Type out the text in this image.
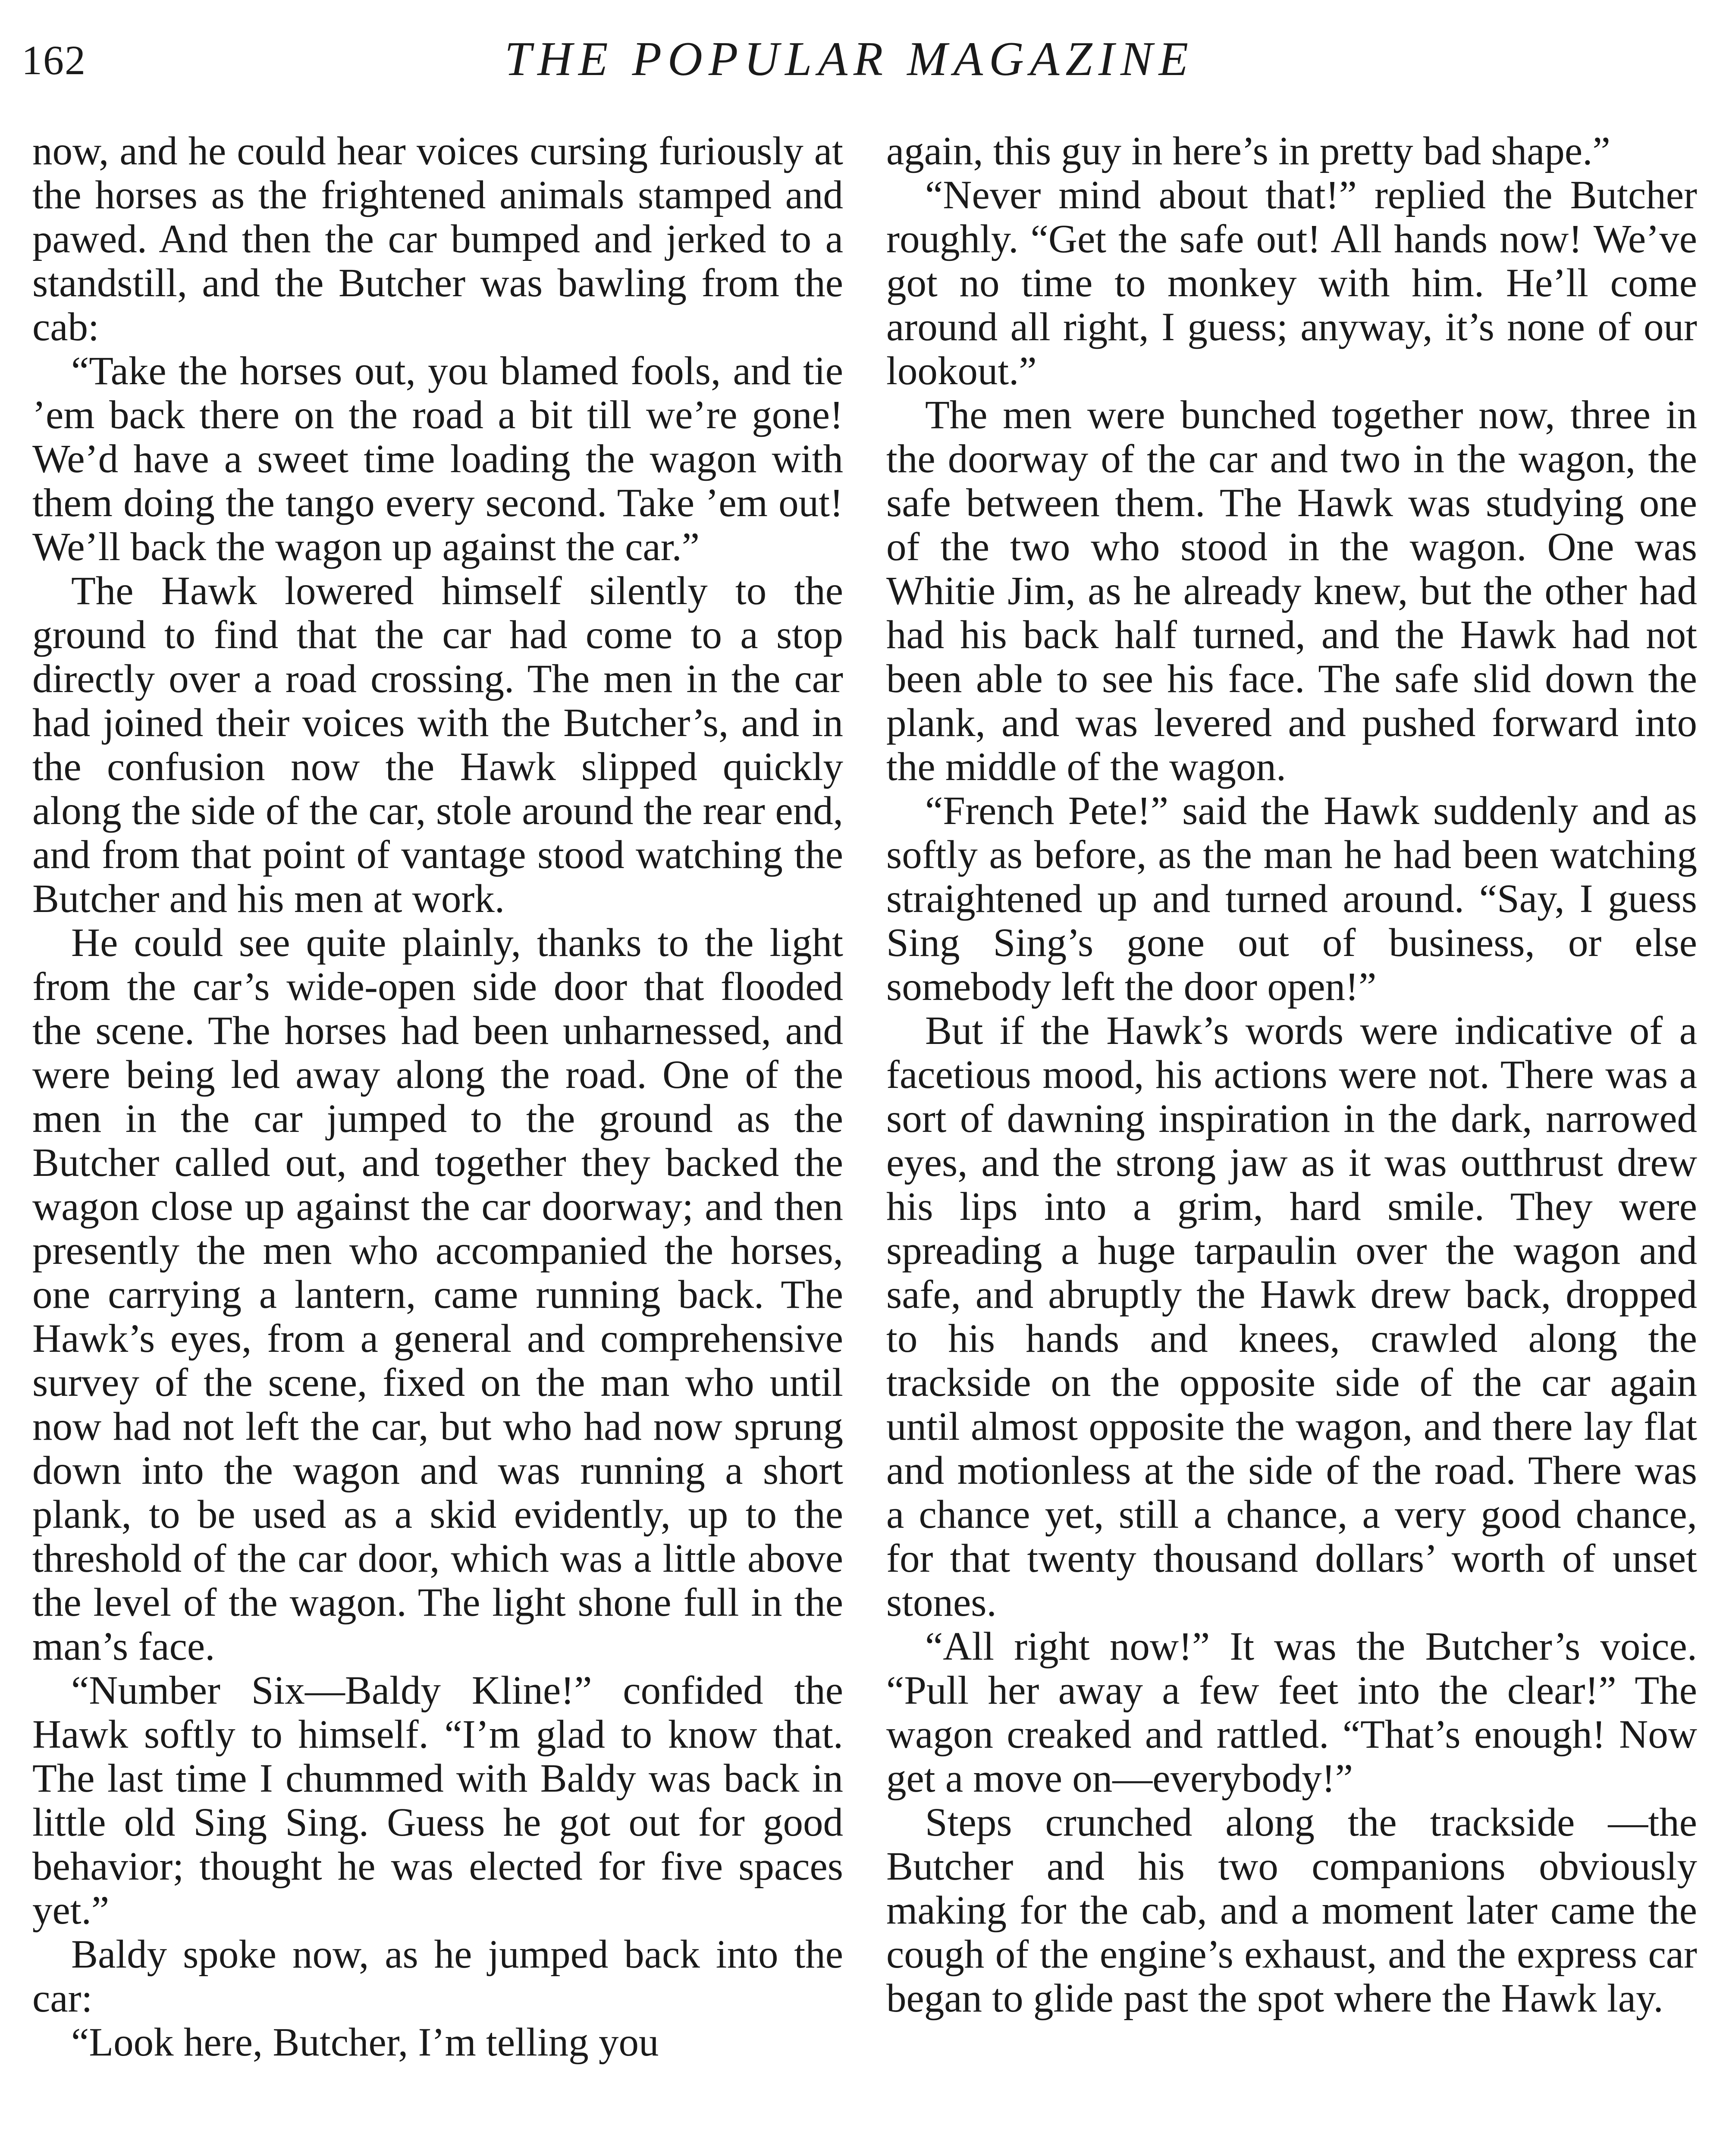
162	THE POPULAR MAGAZINE

now, and he could hear voices cursing furiously at the horses as the frightened animals stamped and pawed. And then the car bumped and jerked to a standstill, and the Butcher was bawling from the cab:

“Take the horses out, you blamed fools, and tie ’em back there on the road a bit till we’re gone! We’d have a sweet time loading the wagon with them doing the tango every second. Take ’em out! We’ll back the wagon up against the car.”

The Hawk lowered himself silently to the ground to find that the car had come to a stop directly over a road crossing. The men in the car had joined their voices with the Butcher’s, and in the confusion now the Hawk slipped quickly along the side of the car, stole around the rear end, and from that point of vantage stood watching the Butcher and his men at work.

He could see quite plainly, thanks to the light from the car’s wide-open side door that flooded the scene. The horses had been unharnessed, and were being led away along the road. One of the men in the car jumped to the ground as the Butcher called out, and together they backed the wagon close up against the car doorway; and then presently the men who accompanied the horses, one carrying a lantern, came running back. The Hawk’s eyes, from a general and comprehensive survey of the scene, fixed on the man who until now had not left the car, but who had now sprung down into the wagon and was running a short plank, to be used as a skid evidently, up to the threshold of the car door, which was a little above the level of the wagon. The light shone full in the man’s face.

“Number Six—Baldy Kline!” confided the Hawk softly to himself. “I’m glad to know that. The last time I chummed with Baldy was back in little old Sing Sing. Guess he got out for good behavior; thought he was elected for five spaces yet.”

Baldy spoke now, as he jumped back into the car:

“Look here, Butcher, I’m telling you

again, this guy in here’s in pretty bad shape.”

“Never mind about that!” replied the Butcher roughly. “Get the safe out! All hands now! We’ve got no time to monkey with him. He’ll come around all right, I guess; anyway, it’s none of our lookout.”

The men were bunched together now, three in the doorway of the car and two in the wagon, the safe between them. The Hawk was studying one of the two who stood in the wagon. One was Whitie Jim, as he already knew, but the other had had his back half turned, and the Hawk had not been able to see his face. The safe slid down the plank, and was levered and pushed forward into the middle of the wagon.

“French Pete!” said the Hawk suddenly and as softly as before, as the man he had been watching straightened up and turned around. “Say, I guess Sing Sing’s gone out of business, or else somebody left the door open!”

But if the Hawk’s words were indicative of a facetious mood, his actions were not. There was a sort of dawning inspiration in the dark, narrowed eyes, and the strong jaw as it was outthrust drew his lips into a grim, hard smile. They were spreading a huge tarpaulin over the wagon and safe, and abruptly the Hawk drew back, dropped to his hands and knees, crawled along the trackside on the opposite side of the car again until almost opposite the wagon, and there lay flat and motionless at the side of the road. There was a chance yet, still a chance, a very good chance, for that twenty thousand dollars’ worth of unset stones.

“All right now!” It was the Butcher’s voice. “Pull her away a few feet into the clear!” The wagon creaked and rattled. “That’s enough! Now get a move on—everybody!”

Steps crunched along the trackside —the Butcher and his two companions obviously making for the cab, and a moment later came the cough of the engine’s exhaust, and the express car began to glide past the spot where the Hawk lay.
